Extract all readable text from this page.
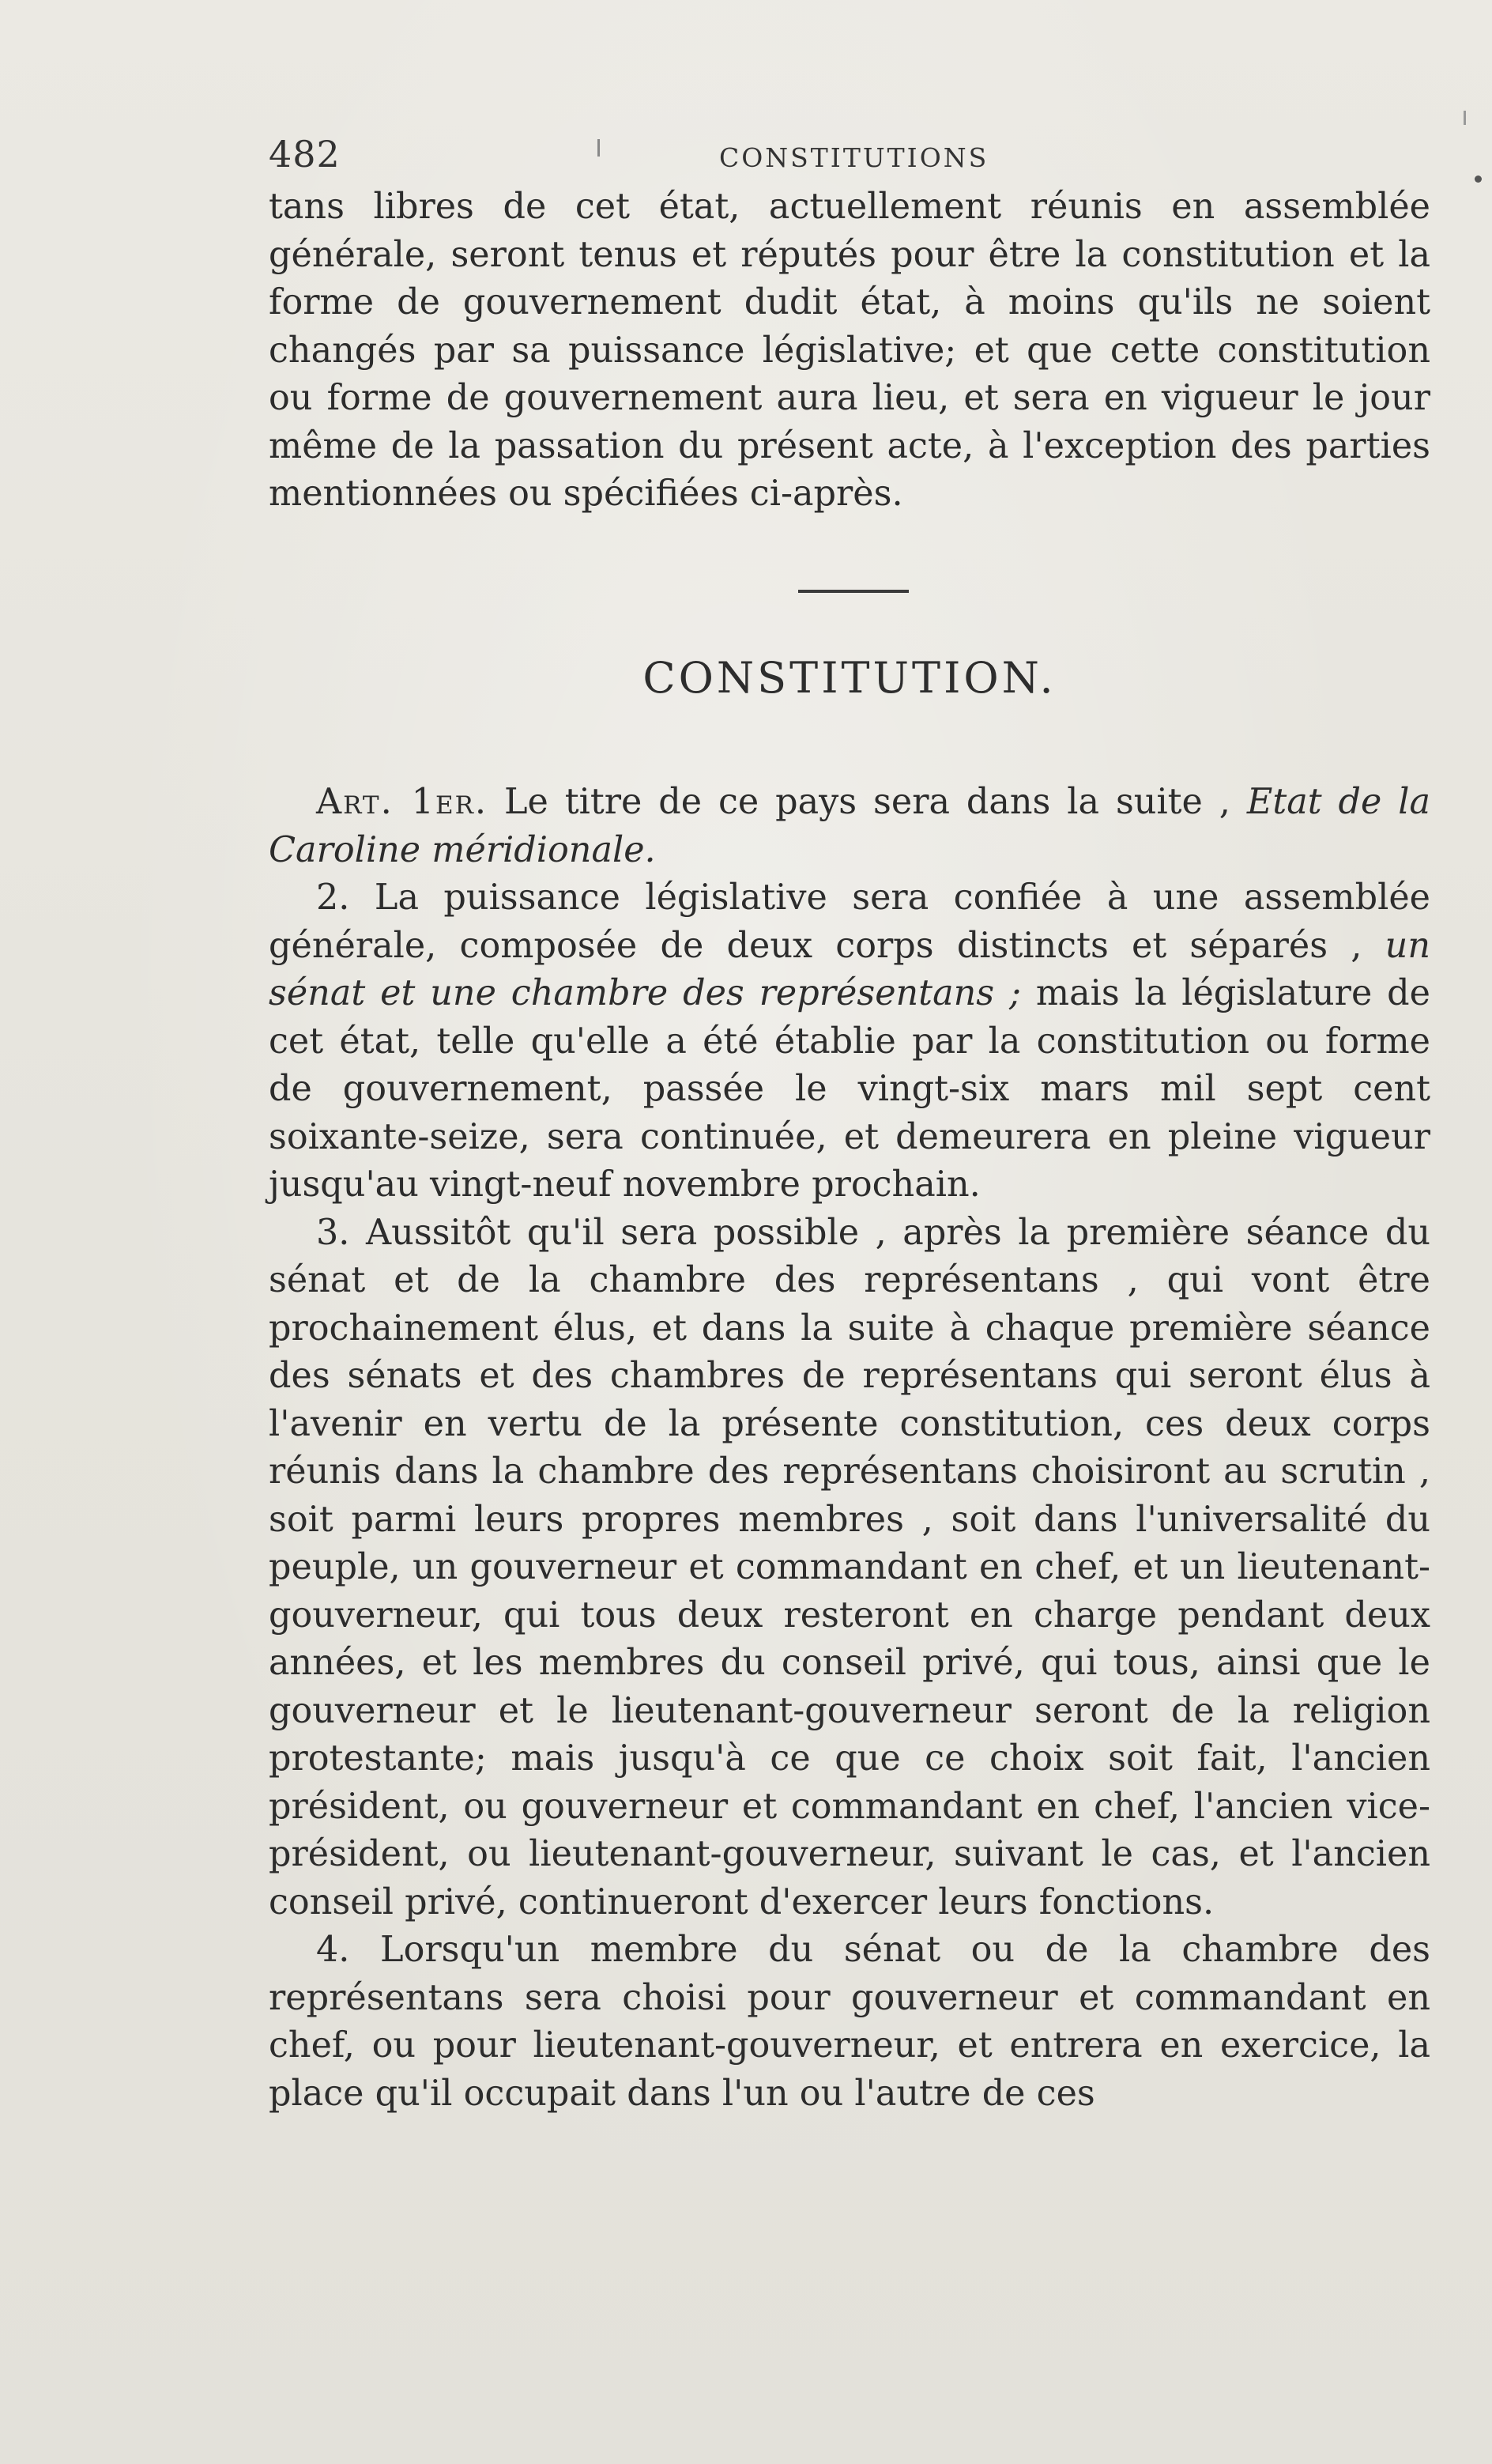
482	CONSTITUTIONS

tans libres de cet état, actuellement réunis en assemblée générale, seront tenus et réputés pour être la constitution et la forme de gouvernement dudit état, à moins qu'ils ne soient changés par sa puissance législative; et que cette constitution ou forme de gouvernement aura lieu, et sera en vigueur le jour même de la passation du présent acte, à l'exception des parties mentionnées ou spécifiées ci-après.

CONSTITUTION.

Art. 1er. Le titre de ce pays sera dans la suite , Etat de la Caroline méridionale.

2. La puissance législative sera confiée à une assemblée générale, composée de deux corps distincts et séparés , un sénat et une chambre des représentans ; mais la législature de cet état, telle qu'elle a été établie par la constitution ou forme de gouvernement, passée le vingt-six mars mil sept cent soixante-seize, sera continuée, et demeurera en pleine vigueur jusqu'au vingt-neuf novembre prochain.

3. Aussitôt qu'il sera possible , après la première séance du sénat et de la chambre des représentans , qui vont être prochainement élus, et dans la suite à chaque première séance des sénats et des chambres de représentans qui seront élus à l'avenir en vertu de la présente constitution, ces deux corps réunis dans la chambre des représentans choisiront au scrutin , soit parmi leurs propres membres , soit dans l'universalité du peuple, un gouverneur et commandant en chef, et un lieutenant-gouverneur, qui tous deux resteront en charge pendant deux années, et les membres du conseil privé, qui tous, ainsi que le gouverneur et le lieutenant-gouverneur seront de la religion protestante; mais jusqu'à ce que ce choix soit fait, l'ancien président, ou gouverneur et commandant en chef, l'ancien vice-président, ou lieutenant-gouverneur, suivant le cas, et l'ancien conseil privé, continueront d'exercer leurs fonctions.

4. Lorsqu'un membre du sénat ou de la chambre des représentans sera choisi pour gouverneur et commandant en chef, ou pour lieutenant-gouverneur, et entrera en exercice, la place qu'il occupait dans l'un ou l'autre de ces
